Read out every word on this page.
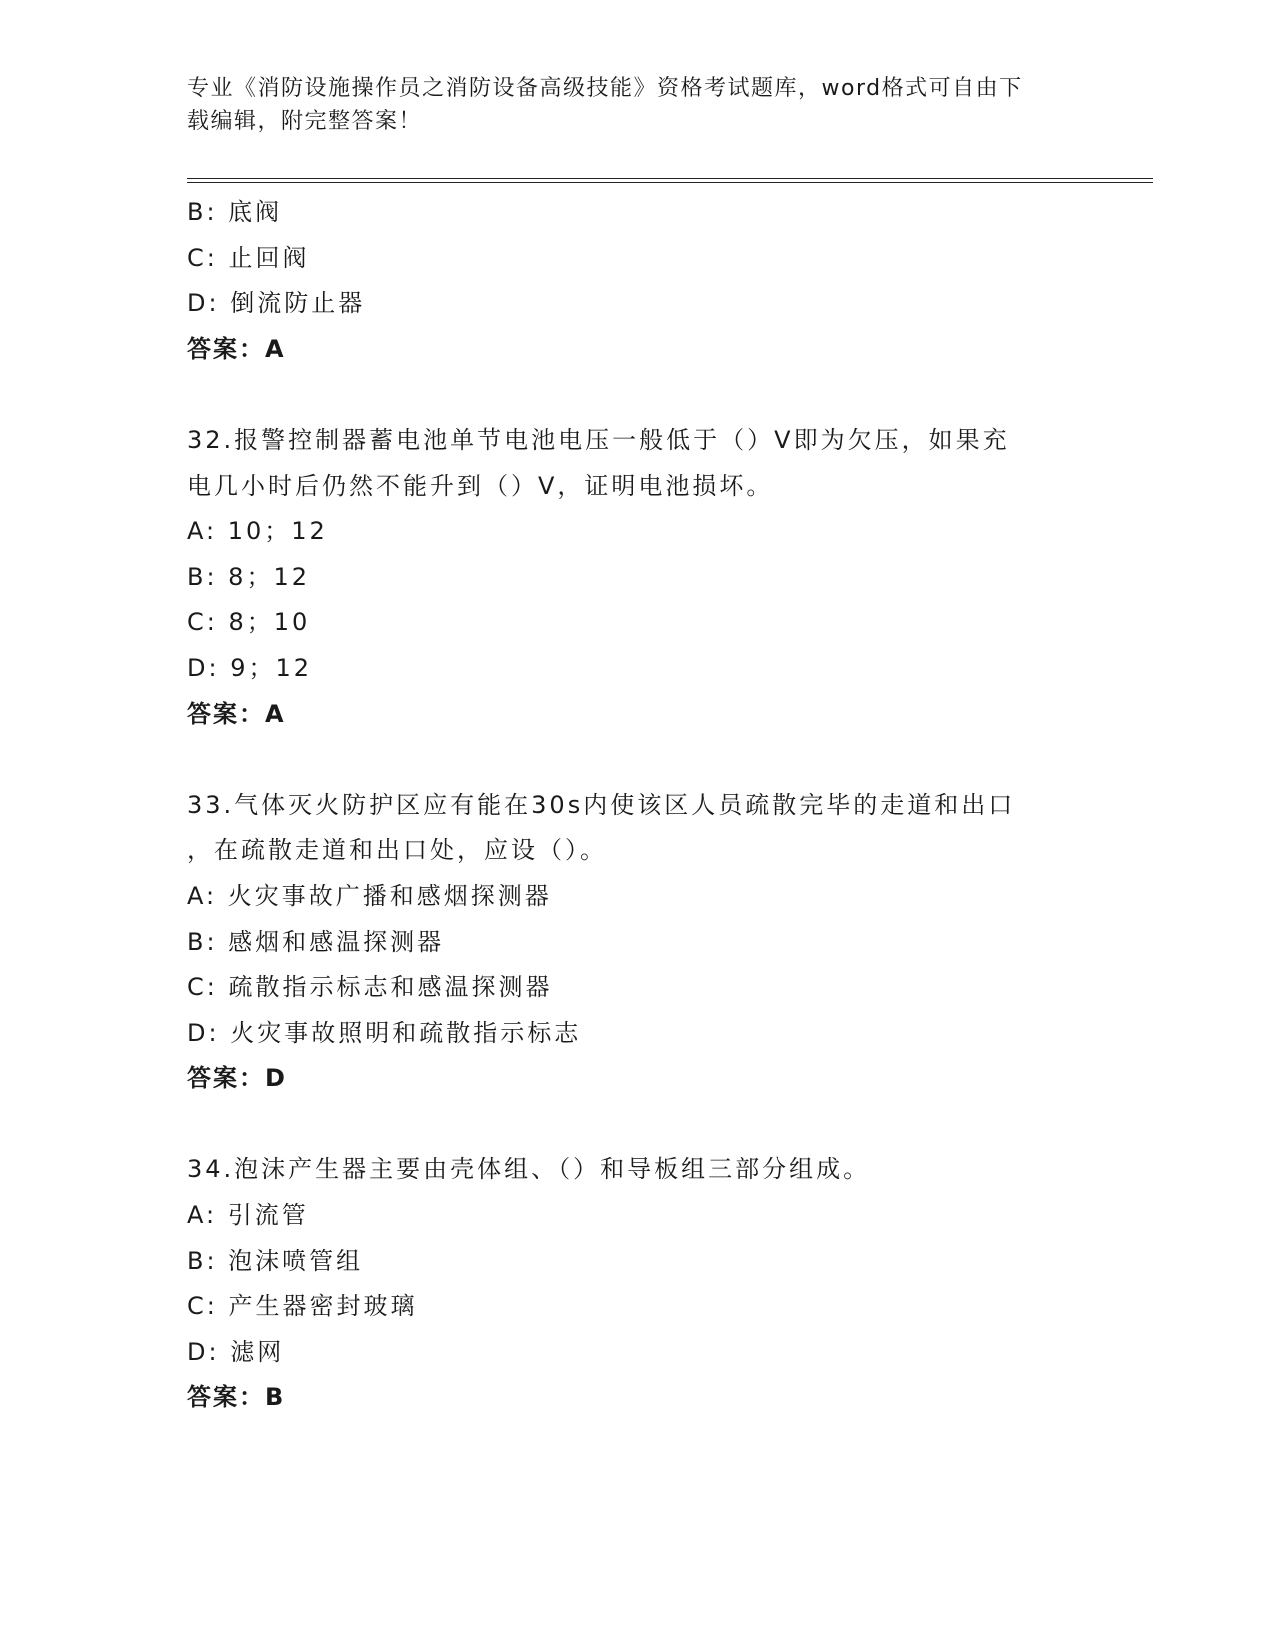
专业《消防设施操作员之消防设备高级技能》资格考试题库，word格式可自由下
载编辑，附完整答案！
B: 底阀
C: 止回阀
D: 倒流防止器
答案：A
32.报警控制器蓄电池单节电池电压一般低于（）V即为欠压，如果充
电几小时后仍然不能升到（）V，证明电池损坏。
A: 10；12
B: 8；12
C: 8；10
D: 9；12
答案：A
33.气体灭火防护区应有能在30s内使该区人员疏散完毕的走道和出口
，在疏散走道和出口处，应设（）。
A: 火灾事故广播和感烟探测器
B: 感烟和感温探测器
C: 疏散指示标志和感温探测器
D: 火灾事故照明和疏散指示标志
答案：D
34.泡沫产生器主要由壳体组、（）和导板组三部分组成。
A: 引流管
B: 泡沫喷管组
C: 产生器密封玻璃
D: 滤网
答案：B
